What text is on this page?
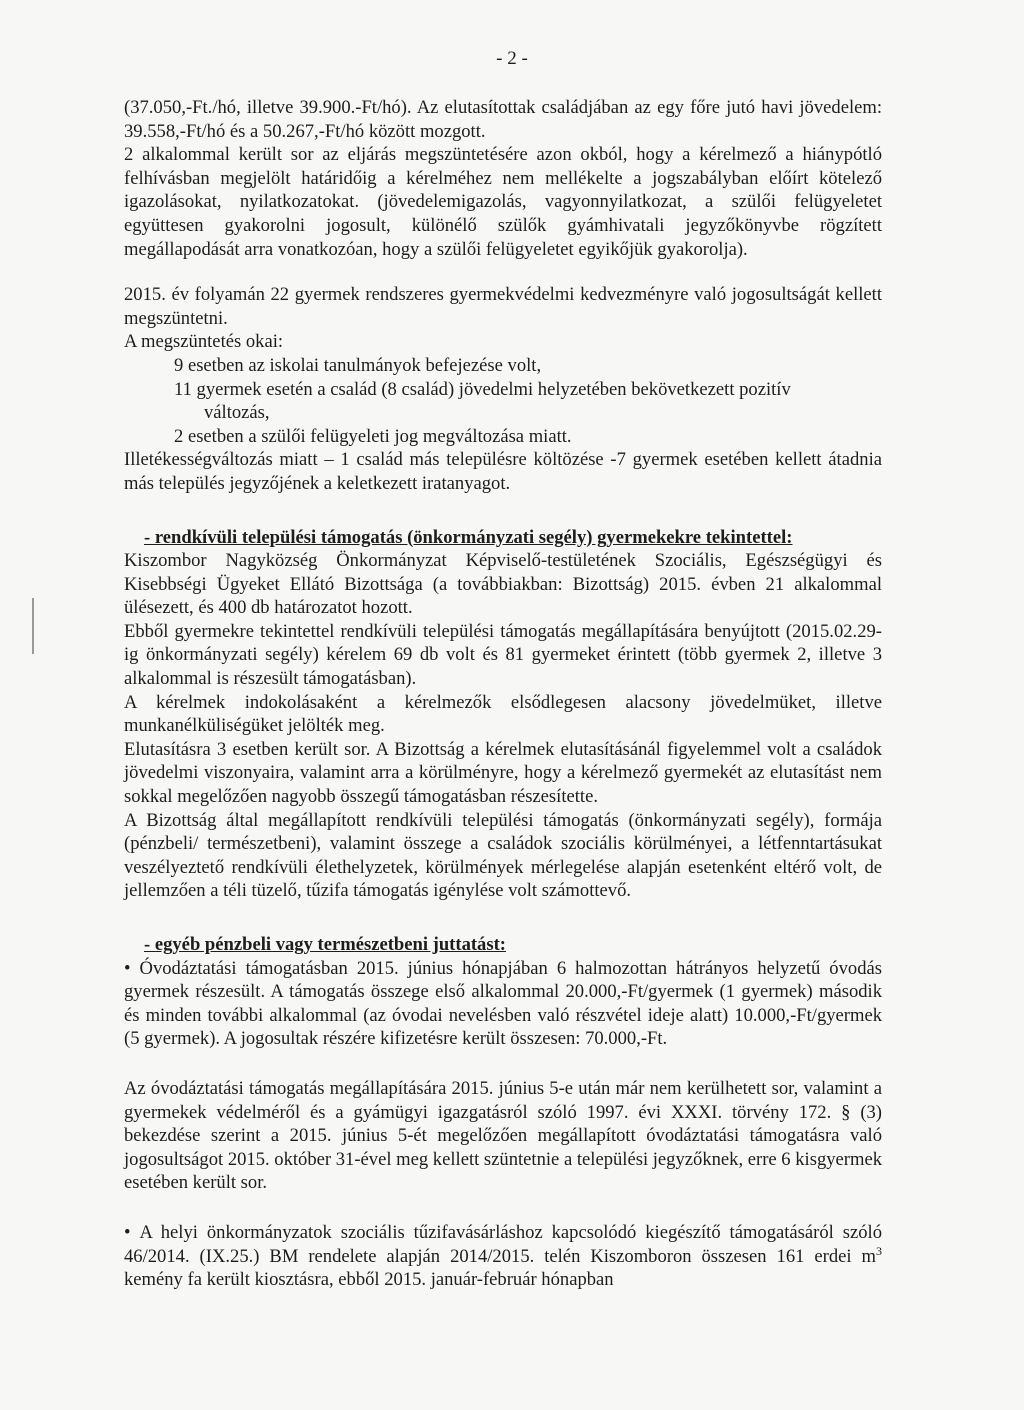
- 2 -

(37.050,-Ft./hó, illetve 39.900.-Ft/hó). Az elutasítottak családjában az egy főre jutó havi jövedelem: 39.558,-Ft/hó és a 50.267,-Ft/hó között mozgott.

2 alkalommal került sor az eljárás megszüntetésére azon okból, hogy a kérelmező a hiánypótló felhívásban megjelölt határidőig a kérelméhez nem mellékelte a jogszabályban előírt kötelező igazolásokat, nyilatkozatokat. (jövedelemigazolás, vagyonnyilatkozat, a szülői felügyeletet együttesen gyakorolni jogosult, különélő szülők gyámhivatali jegyzőkönyvbe rögzített megállapodását arra vonatkozóan, hogy a szülői felügyeletet egyikőjük gyakorolja).

2015. év folyamán 22 gyermek rendszeres gyermekvédelmi kedvezményre való jogosultságát kellett megszüntetni.

A megszüntetés okai:

9 esetben az iskolai tanulmányok befejezése volt,

11 gyermek esetén a család (8 család) jövedelmi helyzetében bekövetkezett pozitív

változás,

2 esetben a szülői felügyeleti jog megváltozása miatt.

Illetékességváltozás miatt – 1 család más településre költözése -7 gyermek esetében kellett átadnia más település jegyzőjének a keletkezett iratanyagot.

- rendkívüli települési támogatás (önkormányzati segély) gyermekekre tekintettel:

Kiszombor Nagyközség Önkormányzat Képviselő-testületének Szociális, Egészségügyi és Kisebbségi Ügyeket Ellátó Bizottsága (a továbbiakban: Bizottság) 2015. évben 21 alkalommal ülésezett, és 400 db határozatot hozott.

Ebből gyermekre tekintettel rendkívüli települési támogatás megállapítására benyújtott (2015.02.29-ig önkormányzati segély) kérelem 69 db volt és 81 gyermeket érintett (több gyermek 2, illetve 3 alkalommal is részesült támogatásban).

A kérelmek indokolásaként a kérelmezők elsődlegesen alacsony jövedelmüket, illetve munkanélküliségüket jelölték meg.

Elutasításra 3 esetben került sor. A Bizottság a kérelmek elutasításánál figyelemmel volt a családok jövedelmi viszonyaira, valamint arra a körülményre, hogy a kérelmező gyermekét az elutasítást nem sokkal megelőzően nagyobb összegű támogatásban részesítette.

A Bizottság által megállapított rendkívüli települési támogatás (önkormányzati segély), formája (pénzbeli/ természetbeni), valamint összege a családok szociális körülményei, a létfenntartásukat veszélyeztető rendkívüli élethelyzetek, körülmények mérlegelése alapján esetenként eltérő volt, de jellemzően a téli tüzelő, tűzifa támogatás igénylése volt számottevő.

- egyéb pénzbeli vagy természetbeni juttatást:

• Óvodáztatási támogatásban 2015. június hónapjában 6 halmozottan hátrányos helyzetű óvodás gyermek részesült. A támogatás összege első alkalommal 20.000,-Ft/gyermek (1 gyermek) második és minden további alkalommal (az óvodai nevelésben való részvétel ideje alatt) 10.000,-Ft/gyermek (5 gyermek). A jogosultak részére kifizetésre került összesen: 70.000,-Ft.

Az óvodáztatási támogatás megállapítására 2015. június 5-e után már nem kerülhetett sor, valamint a gyermekek védelméről és a gyámügyi igazgatásról szóló 1997. évi XXXI. törvény 172. § (3) bekezdése szerint a 2015. június 5-ét megelőzően megállapított óvodáztatási támogatásra való jogosultságot 2015. október 31-ével meg kellett szüntetnie a települési jegyzőknek, erre 6 kisgyermek esetében került sor.

• A helyi önkormányzatok szociális tűzifavásárláshoz kapcsolódó kiegészítő támogatásáról szóló 46/2014. (IX.25.) BM rendelete alapján 2014/2015. telén Kiszomboron összesen 161 erdei $m^3$ kemény fa került kiosztásra, ebből 2015. január-február hónapban
